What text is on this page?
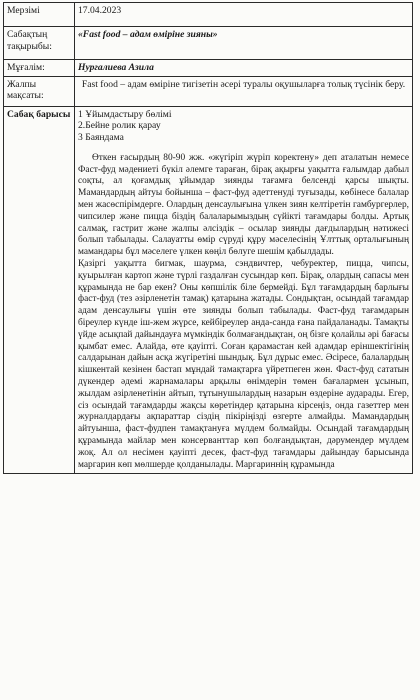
Мерзімі	17.04.2023
Сабақтың тақырыбы:	«Fast food – адам өміріне зияны»
Мұғалім:	Нургалиева Азила
Жалпы мақсаты:	Fast food – адам өміріне тигізетін әсері туралы оқушыларға толық түсінік беру.
Сабақ барысы	1 Ұйымдастыру бөлімі
2.Бейне ролик қарау
3 Баяндама

Өткен ғасырдың 80-90 жж. «жүгіріп жүріп коректену» деп аталатын немесе Фаст-фуд мәдениеті бүкіл әлемге тараған, бірақ ақырғы уақытта ғалымдар дабыл соқты, ал қоғамдық ұйымдар зиянды тағамға белсенді қарсы шықты. Мамандардың айтуы бойынша – фаст-фуд әдеттенуді туғызады, көбінесе балалар мен жасөспірімдерге. Олардың денсаулығына үлкен зиян келтіретін гамбургерлер, чипсилер және пицца біздің балаларымыздың сүйікті тағамдары болды. Артық салмақ, гастрит және жалпы әлсіздік – осылар зиянды дағдылардың нәтижесі болып табылады. Салауатты өмір сүруді құру мәселесінің Ұлттық орталығының мамандары бұл мәселеге үлкен көңіл бөлуге шешім қабылдады.

Қазіргі уақытта бигмак, шаурма, сэндвичтер, чебуректер, пицца, чипсы, қуырылған картоп және түрлі газдалған сусындар көп. Бірақ, олардың сапасы мен құрамында не бар екен? Оны көпшілік біле бермейді. Бұл тағамдардың барлығы фаст-фуд (тез әзірленетін тамақ) қатарына жатады. Сондықтан, осындай тағамдар адам денсаулығы үшін өте зиянды болып табылады. Фаст-фуд тағамдарын біреулер күнде іш-жем жүрсе, кейбіреулер анда-санда ғана пайдаланады. Тамақты үйде асықпай дайындауға мүмкіндік болмағандықтан, оң бізге қолайлы әрі бағасы қымбат емес. Алайда, өте қауіпті. Соған қарамастан кей адамдар еріншектігінің салдарынан дайын асқа жүгіретіні шындық. Бұл дұрыс емес. Әсіресе, балалардың кішкентай кезінен бастап мұндай тамақтарға үйретпеген жөн. Фаст-фуд сататын дүкендер әдемі жарнамалары арқылы өнімдерін төмен бағалармен ұсынып, жылдам әзірленетінін айтып, тұтынушылардың назарын өздеріне аударады. Егер, сіз осындай тағамдарды жақсы көретіндер қатарына кірсеңіз, онда газеттер мен журналдардағы ақпараттар сіздің пікіріңізді өзгерте алмайды. Мамандардың айтуынша, фаст-фудпен тамақтануға мүлдем болмайды. Осындай тағамдардың құрамында майлар мен консерванттар көп болғандықтан, дәрумендер мүлдем жоқ. Ал ол несімен қауіпті десек, фаст-фуд тағамдары дайындау барысында маргарин көп мөлшерде қолданылады. Маргариннің құрамында
